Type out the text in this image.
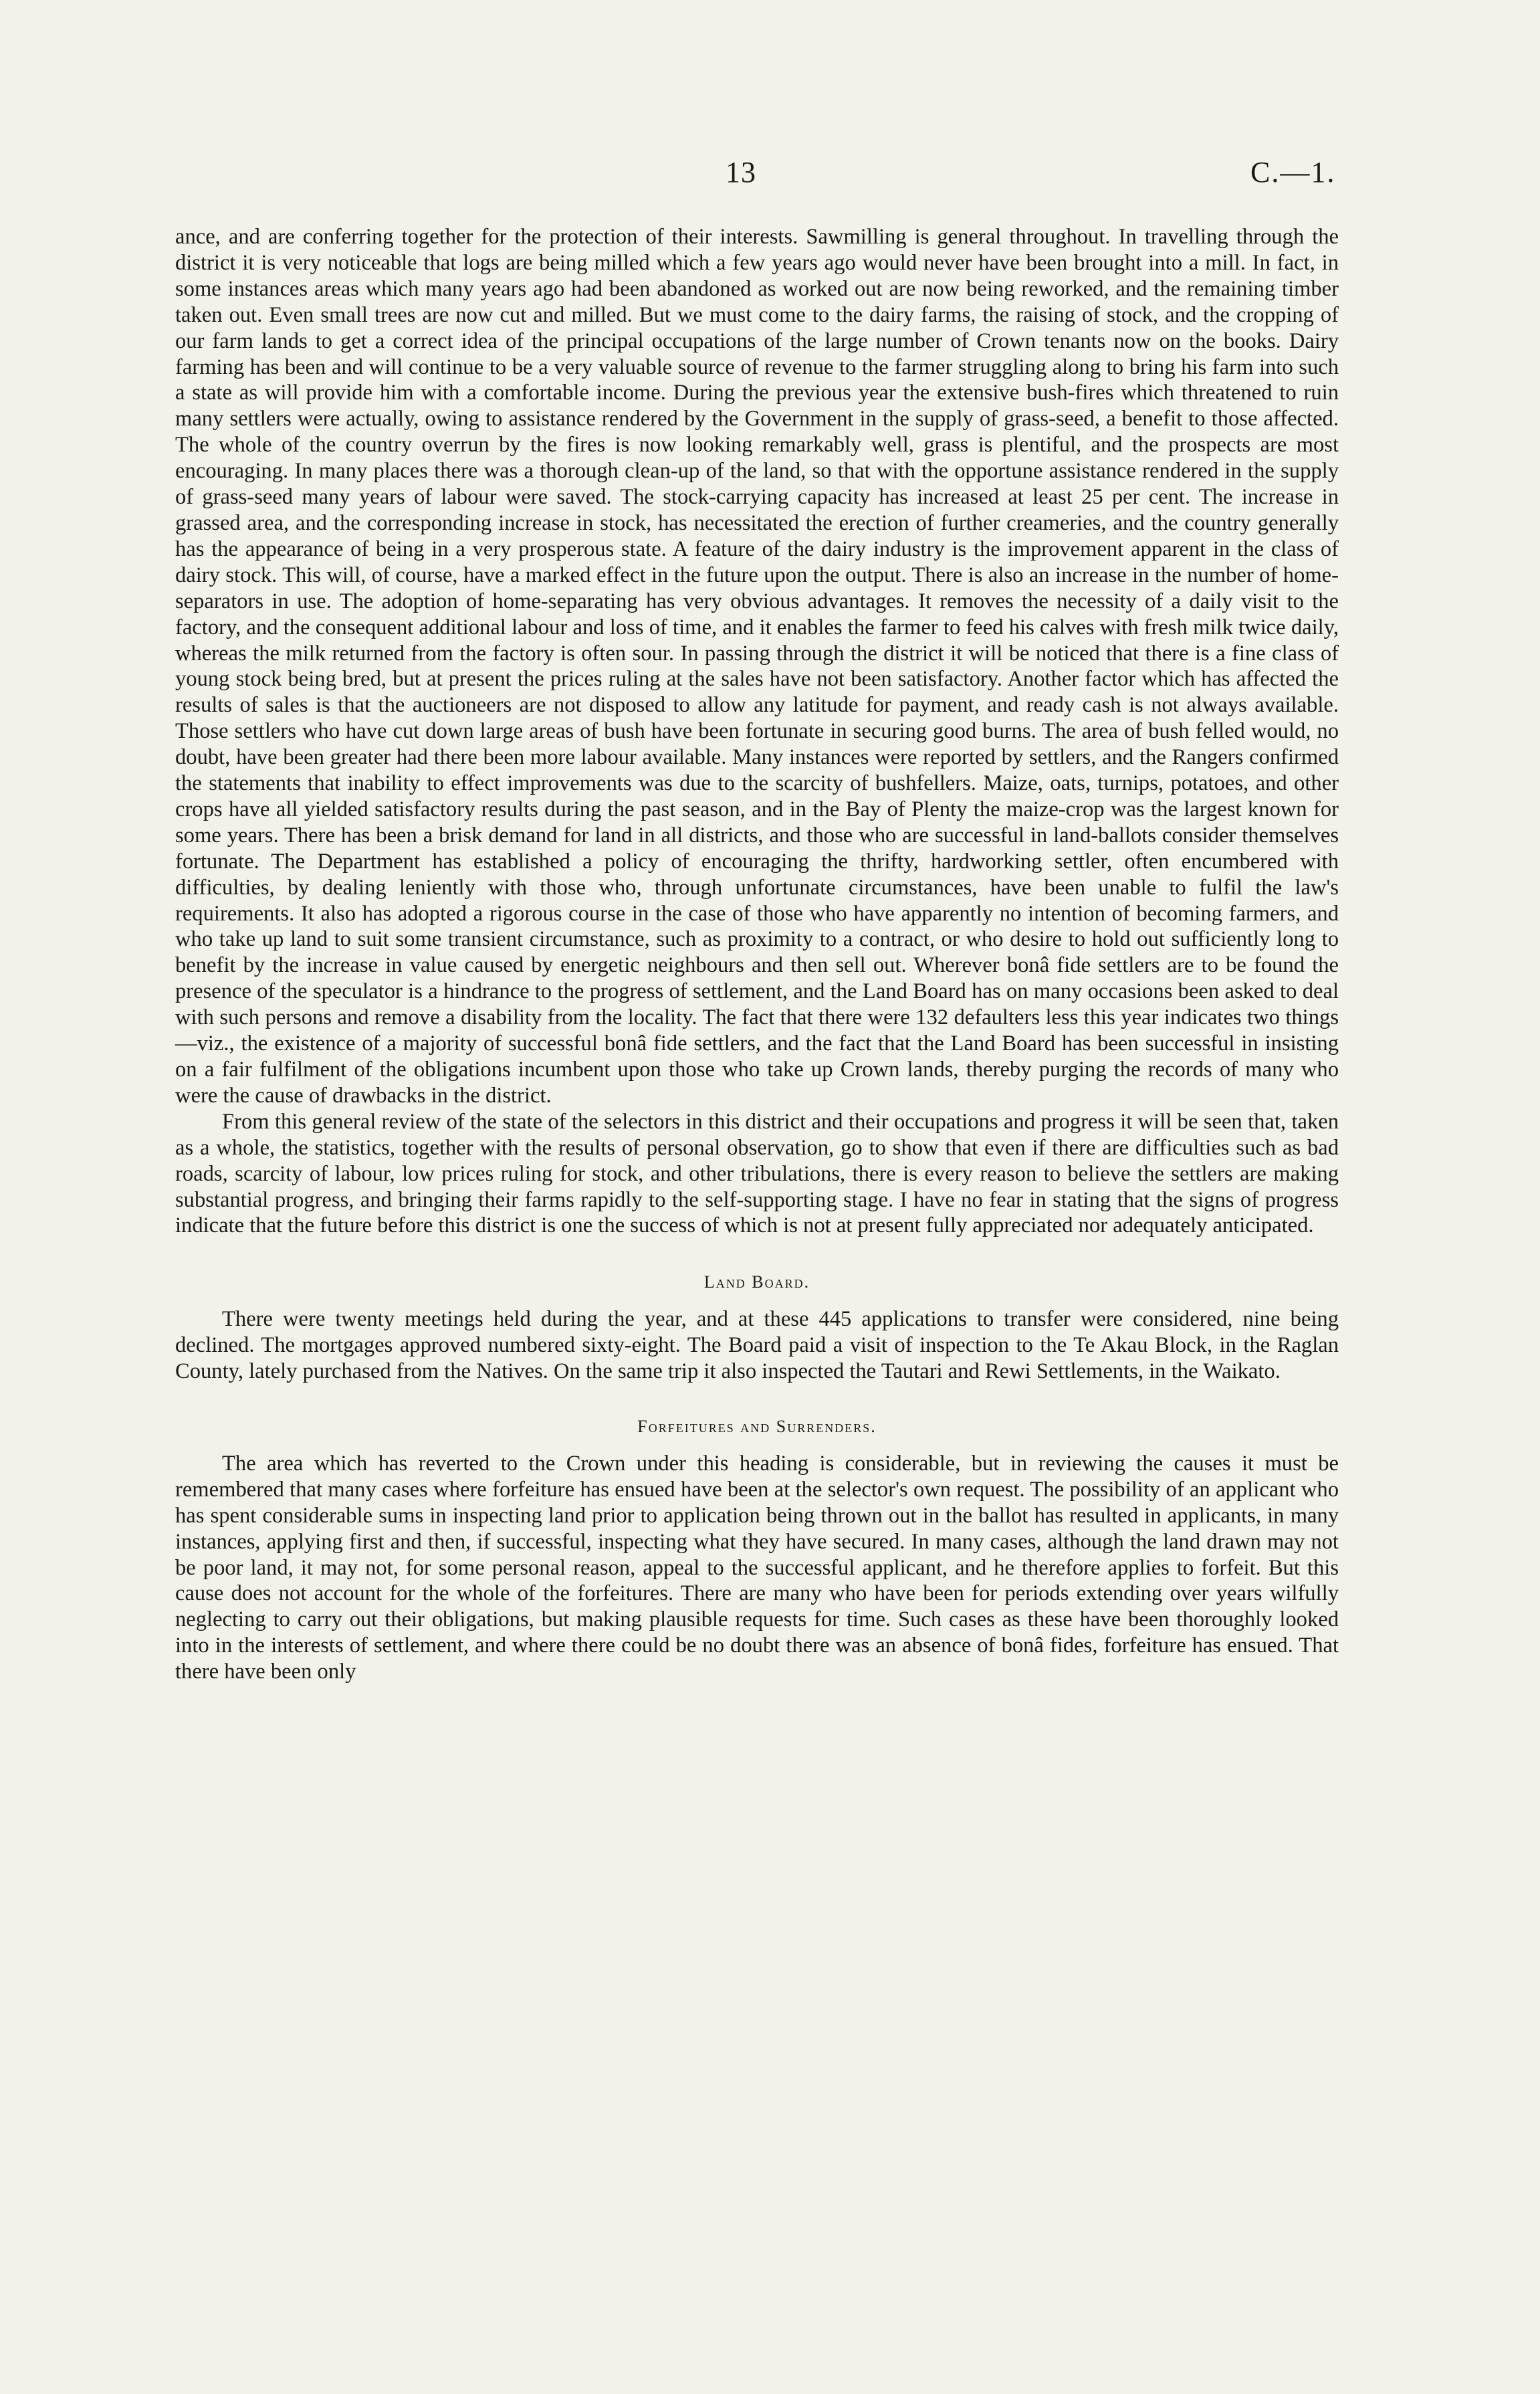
13	C.—1.

ance, and are conferring together for the protection of their interests. Sawmilling is general throughout. In travelling through the district it is very noticeable that logs are being milled which a few years ago would never have been brought into a mill. In fact, in some instances areas which many years ago had been abandoned as worked out are now being reworked, and the remaining timber taken out. Even small trees are now cut and milled. But we must come to the dairy farms, the raising of stock, and the cropping of our farm lands to get a correct idea of the principal occupations of the large number of Crown tenants now on the books. Dairy farming has been and will continue to be a very valuable source of revenue to the farmer struggling along to bring his farm into such a state as will provide him with a comfortable income. During the previous year the extensive bush-fires which threatened to ruin many settlers were actually, owing to assistance rendered by the Government in the supply of grass-seed, a benefit to those affected. The whole of the country overrun by the fires is now looking remarkably well, grass is plentiful, and the prospects are most encouraging. In many places there was a thorough clean-up of the land, so that with the opportune assistance rendered in the supply of grass-seed many years of labour were saved. The stock-carrying capacity has increased at least 25 per cent. The increase in grassed area, and the corresponding increase in stock, has necessitated the erection of further creameries, and the country generally has the appearance of being in a very prosperous state. A feature of the dairy industry is the improvement apparent in the class of dairy stock. This will, of course, have a marked effect in the future upon the output. There is also an increase in the number of home-separators in use. The adoption of home-separating has very obvious advantages. It removes the necessity of a daily visit to the factory, and the consequent additional labour and loss of time, and it enables the farmer to feed his calves with fresh milk twice daily, whereas the milk returned from the factory is often sour. In passing through the district it will be noticed that there is a fine class of young stock being bred, but at present the prices ruling at the sales have not been satisfactory. Another factor which has affected the results of sales is that the auctioneers are not disposed to allow any latitude for payment, and ready cash is not always available. Those settlers who have cut down large areas of bush have been fortunate in securing good burns. The area of bush felled would, no doubt, have been greater had there been more labour available. Many instances were reported by settlers, and the Rangers confirmed the statements that inability to effect improvements was due to the scarcity of bushfellers. Maize, oats, turnips, potatoes, and other crops have all yielded satisfactory results during the past season, and in the Bay of Plenty the maize-crop was the largest known for some years. There has been a brisk demand for land in all districts, and those who are successful in land-ballots consider themselves fortunate. The Department has established a policy of encouraging the thrifty, hardworking settler, often encumbered with difficulties, by dealing leniently with those who, through unfortunate circumstances, have been unable to fulfil the law's requirements. It also has adopted a rigorous course in the case of those who have apparently no intention of becoming farmers, and who take up land to suit some transient circumstance, such as proximity to a contract, or who desire to hold out sufficiently long to benefit by the increase in value caused by energetic neighbours and then sell out. Wherever bonâ fide settlers are to be found the presence of the speculator is a hindrance to the progress of settlement, and the Land Board has on many occasions been asked to deal with such persons and remove a disability from the locality. The fact that there were 132 defaulters less this year indicates two things—viz., the existence of a majority of successful bonâ fide settlers, and the fact that the Land Board has been successful in insisting on a fair fulfilment of the obligations incumbent upon those who take up Crown lands, thereby purging the records of many who were the cause of drawbacks in the district.

From this general review of the state of the selectors in this district and their occupations and progress it will be seen that, taken as a whole, the statistics, together with the results of personal observation, go to show that even if there are difficulties such as bad roads, scarcity of labour, low prices ruling for stock, and other tribulations, there is every reason to believe the settlers are making substantial progress, and bringing their farms rapidly to the self-supporting stage. I have no fear in stating that the signs of progress indicate that the future before this district is one the success of which is not at present fully appreciated nor adequately anticipated.

Land Board.

There were twenty meetings held during the year, and at these 445 applications to transfer were considered, nine being declined. The mortgages approved numbered sixty-eight. The Board paid a visit of inspection to the Te Akau Block, in the Raglan County, lately purchased from the Natives. On the same trip it also inspected the Tautari and Rewi Settlements, in the Waikato.

Forfeitures and Surrenders.

The area which has reverted to the Crown under this heading is considerable, but in reviewing the causes it must be remembered that many cases where forfeiture has ensued have been at the selector's own request. The possibility of an applicant who has spent considerable sums in inspecting land prior to application being thrown out in the ballot has resulted in applicants, in many instances, applying first and then, if successful, inspecting what they have secured. In many cases, although the land drawn may not be poor land, it may not, for some personal reason, appeal to the successful applicant, and he therefore applies to forfeit. But this cause does not account for the whole of the forfeitures. There are many who have been for periods extending over years wilfully neglecting to carry out their obligations, but making plausible requests for time. Such cases as these have been thoroughly looked into in the interests of settlement, and where there could be no doubt there was an absence of bonâ fides, forfeiture has ensued. That there have been only
